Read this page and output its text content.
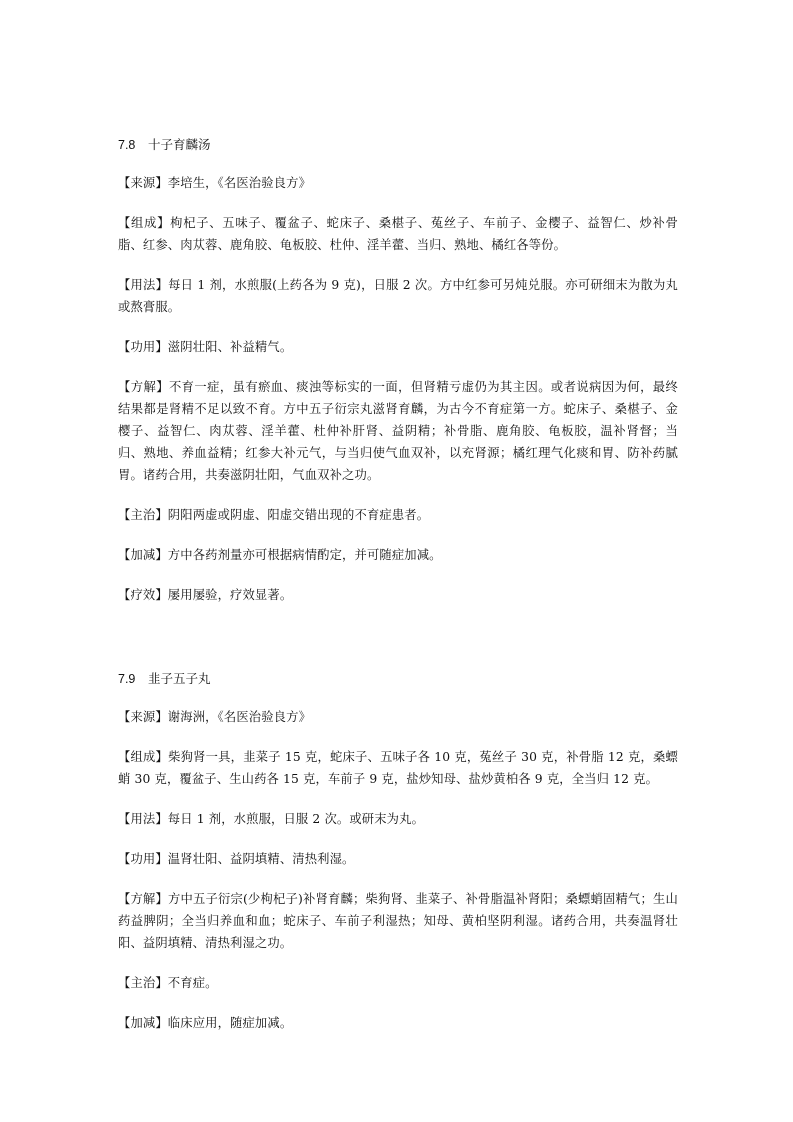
7.8 十子育麟汤

【来源】李培生，《名医治验良方》

【组成】枸杞子、五味子、覆盆子、蛇床子、桑椹子、菟丝子、车前子、金樱子、益智仁、炒补骨脂、红参、肉苁蓉、鹿角胶、龟板胶、杜仲、淫羊藿、当归、熟地、橘红各等份。

【用法】每日 1 剂，水煎服(上药各为 9 克)，日服 2 次。方中红参可另炖兑服。亦可研细末为散为丸或熬膏服。

【功用】滋阴壮阳、补益精气。

【方解】不育一症，虽有瘀血、痰浊等标实的一面，但肾精亏虚仍为其主因。或者说病因为何，最终结果都是肾精不足以致不育。方中五子衍宗丸滋肾育麟，为古今不育症第一方。蛇床子、桑椹子、金樱子、益智仁、肉苁蓉、淫羊藿、杜仲补肝肾、益阴精；补骨脂、鹿角胶、龟板胶，温补肾督；当归、熟地、养血益精；红参大补元气，与当归使气血双补，以充肾源；橘红理气化痰和胃、防补药腻胃。诸药合用，共奏滋阴壮阳，气血双补之功。

【主治】阴阳两虚或阴虚、阳虚交错出现的不育症患者。

【加减】方中各药剂量亦可根据病情酌定，并可随症加减。

【疗效】屡用屡验，疗效显著。

7.9 韭子五子丸

【来源】谢海洲，《名医治验良方》

【组成】柴狗肾一具，韭菜子 15 克，蛇床子、五味子各 10 克，菟丝子 30 克，补骨脂 12 克，桑螵蛸 30 克，覆盆子、生山药各 15 克，车前子 9 克，盐炒知母、盐炒黄柏各 9 克，全当归 12 克。

【用法】每日 1 剂，水煎服，日服 2 次。或研末为丸。

【功用】温肾壮阳、益阴填精、清热利湿。

【方解】方中五子衍宗(少枸杞子)补肾育麟；柴狗肾、韭菜子、补骨脂温补肾阳；桑螵蛸固精气；生山药益脾阴；全当归养血和血；蛇床子、车前子利湿热；知母、黄柏坚阴利湿。诸药合用，共奏温肾壮阳、益阴填精、清热利湿之功。

【主治】不育症。

【加减】临床应用，随症加减。
